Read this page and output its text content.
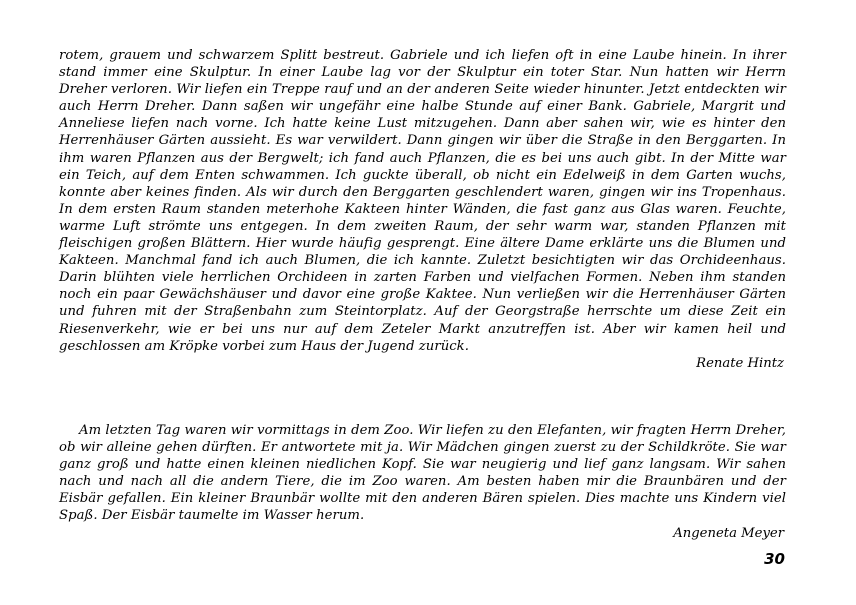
rotem, grauem und schwarzem Splitt bestreut. Gabriele und ich liefen oft in eine Laube hinein. In ihrer stand immer eine Skulptur. In einer Laube lag vor der Skulptur ein toter Star. Nun hatten wir Herrn Dreher verloren. Wir liefen ein Treppe rauf und an der anderen Seite wieder hinunter. Jetzt entdeckten wir auch Herrn Dreher. Dann saßen wir ungefähr eine halbe Stunde auf einer Bank. Gabriele, Margrit und Anneliese liefen nach vorne. Ich hatte keine Lust mitzugehen. Dann aber sahen wir, wie es hinter den Herrenhäuser Gärten aussieht. Es war verwildert. Dann gingen wir über die Straße in den Berggarten. In ihm waren Pflanzen aus der Bergwelt; ich fand auch Pflanzen, die es bei uns auch gibt. In der Mitte war ein Teich, auf dem Enten schwammen. Ich guckte überall, ob nicht ein Edelweiß in dem Garten wuchs, konnte aber keines finden. Als wir durch den Berggarten geschlendert waren, gingen wir ins Tropenhaus. In dem ersten Raum standen meterhohe Kakteen hinter Wänden, die fast ganz aus Glas waren. Feuchte, warme Luft strömte uns entgegen. In dem zweiten Raum, der sehr warm war, standen Pflanzen mit fleischigen großen Blättern. Hier wurde häufig gesprengt. Eine ältere Dame erklärte uns die Blumen und Kakteen. Manchmal fand ich auch Blumen, die ich kannte. Zuletzt besichtigten wir das Orchideenhaus. Darin blühten viele herrlichen Orchideen in zarten Farben und vielfachen Formen. Neben ihm standen noch ein paar Gewächshäuser und davor eine große Kaktee. Nun verließen wir die Herrenhäuser Gärten und fuhren mit der Straßenbahn zum Steintorplatz. Auf der Georgstraße herrschte um diese Zeit ein Riesenverkehr, wie er bei uns nur auf dem Zeteler Markt anzutreffen ist. Aber wir kamen heil und geschlossen am Kröpke vorbei zum Haus der Jugend zurück.

Renate Hintz

Am letzten Tag waren wir vormittags in dem Zoo. Wir liefen zu den Elefanten, wir fragten Herrn Dreher, ob wir alleine gehen dürften. Er antwortete mit ja. Wir Mädchen gingen zuerst zu der Schildkröte. Sie war ganz groß und hatte einen kleinen niedlichen Kopf. Sie war neugierig und lief ganz langsam. Wir sahen nach und nach all die andern Tiere, die im Zoo waren. Am besten haben mir die Braunbären und der Eisbär gefallen. Ein kleiner Braunbär wollte mit den anderen Bären spielen. Dies machte uns Kindern viel Spaß. Der Eisbär taumelte im Wasser herum.

Angeneta Meyer

30
